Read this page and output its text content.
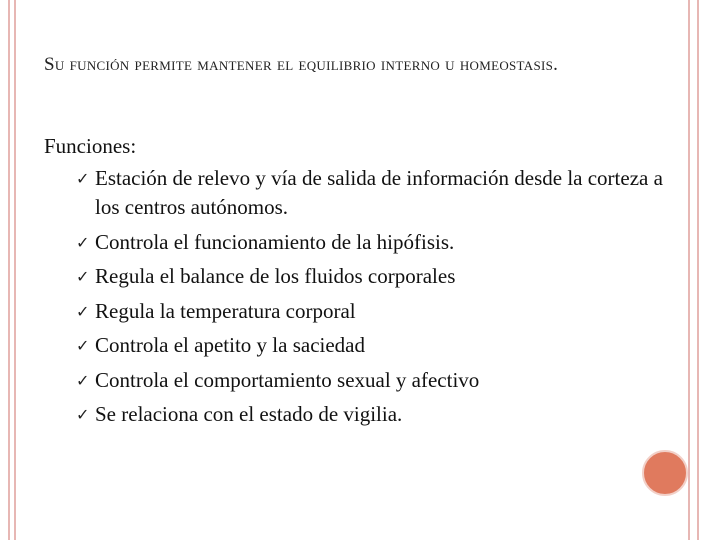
Su función permite mantener el equilibrio interno u homeostasis.
Funciones:
✓ Estación de relevo y vía de salida de información desde la corteza a los centros autónomos.
✓ Controla el funcionamiento de la hipófisis.
✓ Regula el balance de los fluidos corporales
✓ Regula la temperatura corporal
✓ Controla el apetito y la saciedad
✓ Controla el comportamiento sexual y afectivo
✓ Se relaciona con el estado de vigilia.
